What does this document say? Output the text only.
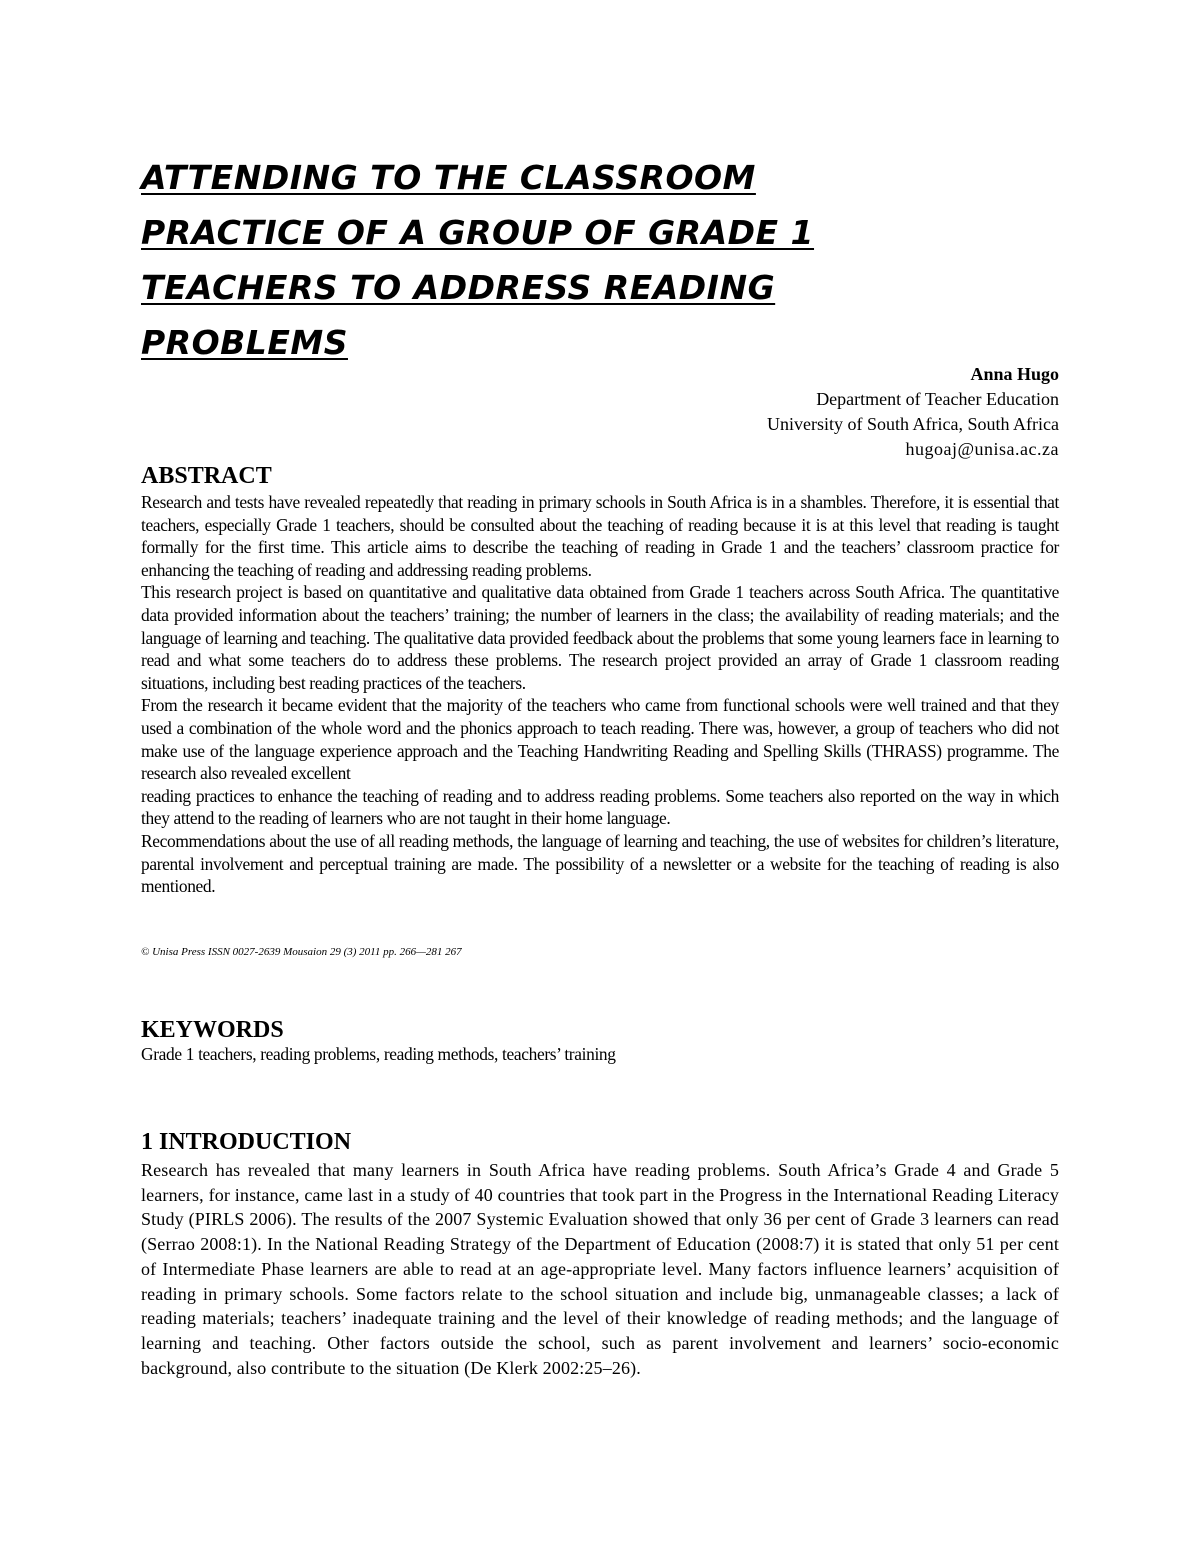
ATTENDING TO THE CLASSROOM
PRACTICE OF A GROUP OF GRADE 1
TEACHERS TO ADDRESS READING
PROBLEMS
Anna Hugo
Department of Teacher Education
University of South Africa, South Africa
hugoaj@unisa.ac.za
ABSTRACT

Research and tests have revealed repeatedly that reading in primary schools in South Africa is in a shambles. Therefore, it is essential that teachers, especially Grade 1 teachers, should be consulted about the teaching of reading because it is at this level that reading is taught formally for the first time. This article aims to describe the teaching of reading in Grade 1 and the teachers’ classroom practice for enhancing the teaching of reading and addressing reading problems.

This research project is based on quantitative and qualitative data obtained from Grade 1 teachers across South Africa. The quantitative data provided information about the teachers’ training; the number of learners in the class; the availability of reading materials; and the language of learning and teaching. The qualitative data provided feedback about the problems that some young learners face in learning to read and what some teachers do to address these problems. The research project provided an array of Grade 1 classroom reading situations, including best reading practices of the teachers.

From the research it became evident that the majority of the teachers who came from functional schools were well trained and that they used a combination of the whole word and the phonics approach to teach reading. There was, however, a group of teachers who did not make use of the language experience approach and the Teaching Handwriting Reading and Spelling Skills (THRASS) programme. The research also revealed excellent

reading practices to enhance the teaching of reading and to address reading problems. Some teachers also reported on the way in which they attend to the reading of learners who are not taught in their home language.

Recommendations about the use of all reading methods, the language of learning and teaching, the use of websites for children’s literature, parental involvement and perceptual training are made. The possibility of a newsletter or a website for the teaching of reading is also mentioned.

© Unisa Press ISSN 0027-2639 Mousaion 29 (3) 2011 pp. 266—281 267
KEYWORDS
Grade 1 teachers, reading problems, reading methods, teachers’ training
1 INTRODUCTION

Research has revealed that many learners in South Africa have reading problems. South Africa’s Grade 4 and Grade 5 learners, for instance, came last in a study of 40 countries that took part in the Progress in the International Reading Literacy Study (PIRLS 2006). The results of the 2007 Systemic Evaluation showed that only 36 per cent of Grade 3 learners can read (Serrao 2008:1). In the National Reading Strategy of the Department of Education (2008:7) it is stated that only 51 per cent of Intermediate Phase learners are able to read at an age-appropriate level. Many factors influence learners’ acquisition of reading in primary schools. Some factors relate to the school situation and include big, unmanageable classes; a lack of reading materials; teachers’ inadequate training and the level of their knowledge of reading methods; and the language of learning and teaching. Other factors outside the school, such as parent involvement and learners’ socio-economic background, also contribute to the situation (De Klerk 2002:25–26).
